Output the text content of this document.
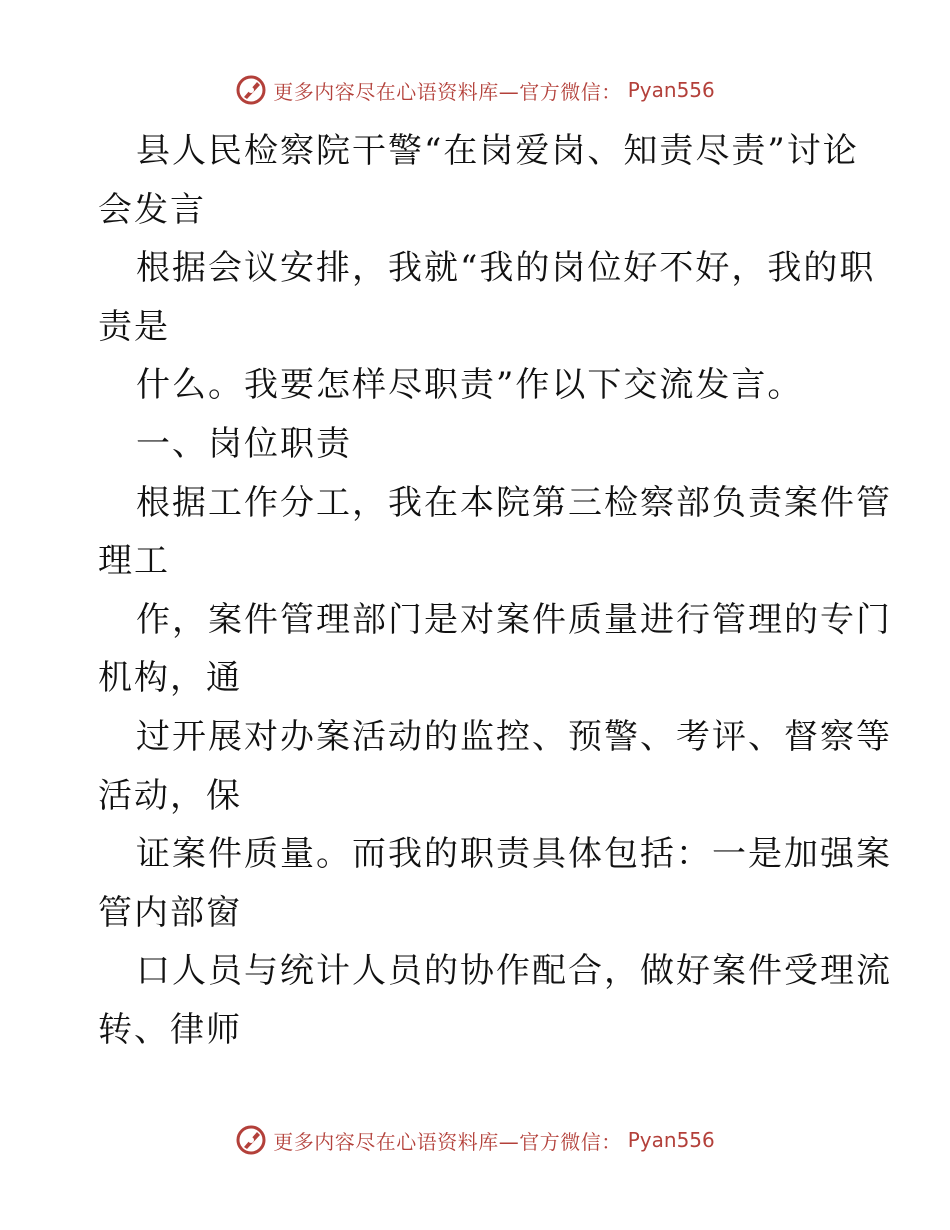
更多内容尽在心语资料库—官方微信： Pyan556
县人民检察院干警“在岗爱岗、知责尽责”讨论
会发言
根据会议安排，我就“我的岗位好不好，我的职
责是
什么。我要怎样尽职责”作以下交流发言。
一、岗位职责
根据工作分工，我在本院第三检察部负责案件管
理工
作，案件管理部门是对案件质量进行管理的专门
机构，通
过开展对办案活动的监控、预警、考评、督察等
活动，保
证案件质量。而我的职责具体包括：一是加强案
管内部窗
口人员与统计人员的协作配合，做好案件受理流
转、律师
更多内容尽在心语资料库—官方微信： Pyan556
